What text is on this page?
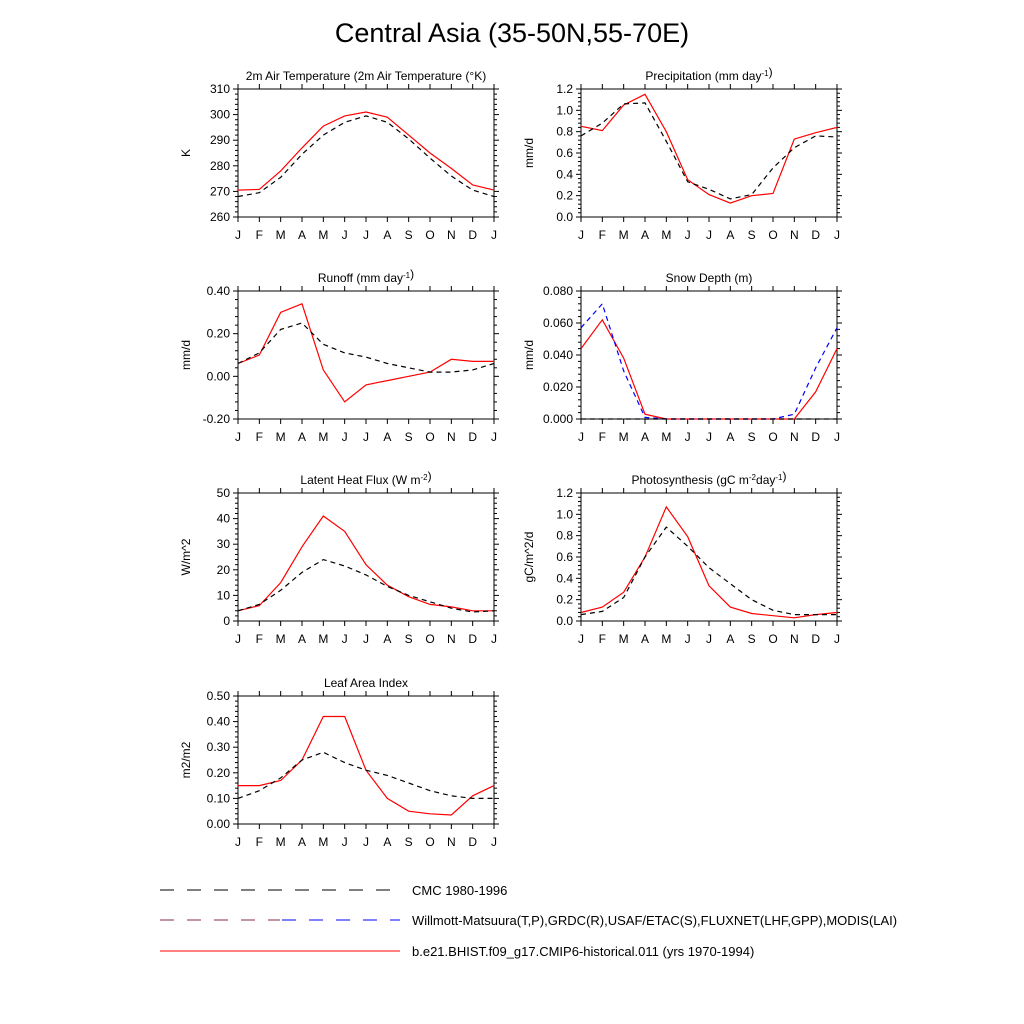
Central Asia (35-50N,55-70E)
2m Air Temperature (2m Air Temperature (°K)
K
260
270
280
290
300
310
J F M A M J J A S O N D J
Precipitation (mm day$^{-1}$)
mm/d
0.0
0.2
0.4
0.6
0.8
1.0
1.2
J F M A M J J A S O N D J
Runoff (mm day$^{-1}$)
mm/d
-0.20
0.00
0.20
0.40
J F M A M J J A S O N D J
Snow Depth (m)
mm/d
0.000
0.020
0.040
0.060
0.080
J F M A M J J A S O N D J
Latent Heat Flux (W $m^{-2}$)
W/m^2
0
10
20
30
40
50
J F M A M J J A S O N D J
Photosynthesis (gC $m^{-2}day^{-1}$)
gC/m^2/d
0.0
0.2
0.4
0.6
0.8
1.0
1.2
J F M A M J J A S O N D J
Leaf Area Index
m2/m2
0.00
0.10
0.20
0.30
0.40
0.50
J F M A M J J A S O N D J
CMC 1980-1996
Willmott-Matsuura(T,P),GRDC(R),USAF/ETAC(S),FLUXNET(LHF,GPP),MODIS(LAI)
b.e21.BHIST.f09_g17.CMIP6-historical.011 (yrs 1970-1994)
